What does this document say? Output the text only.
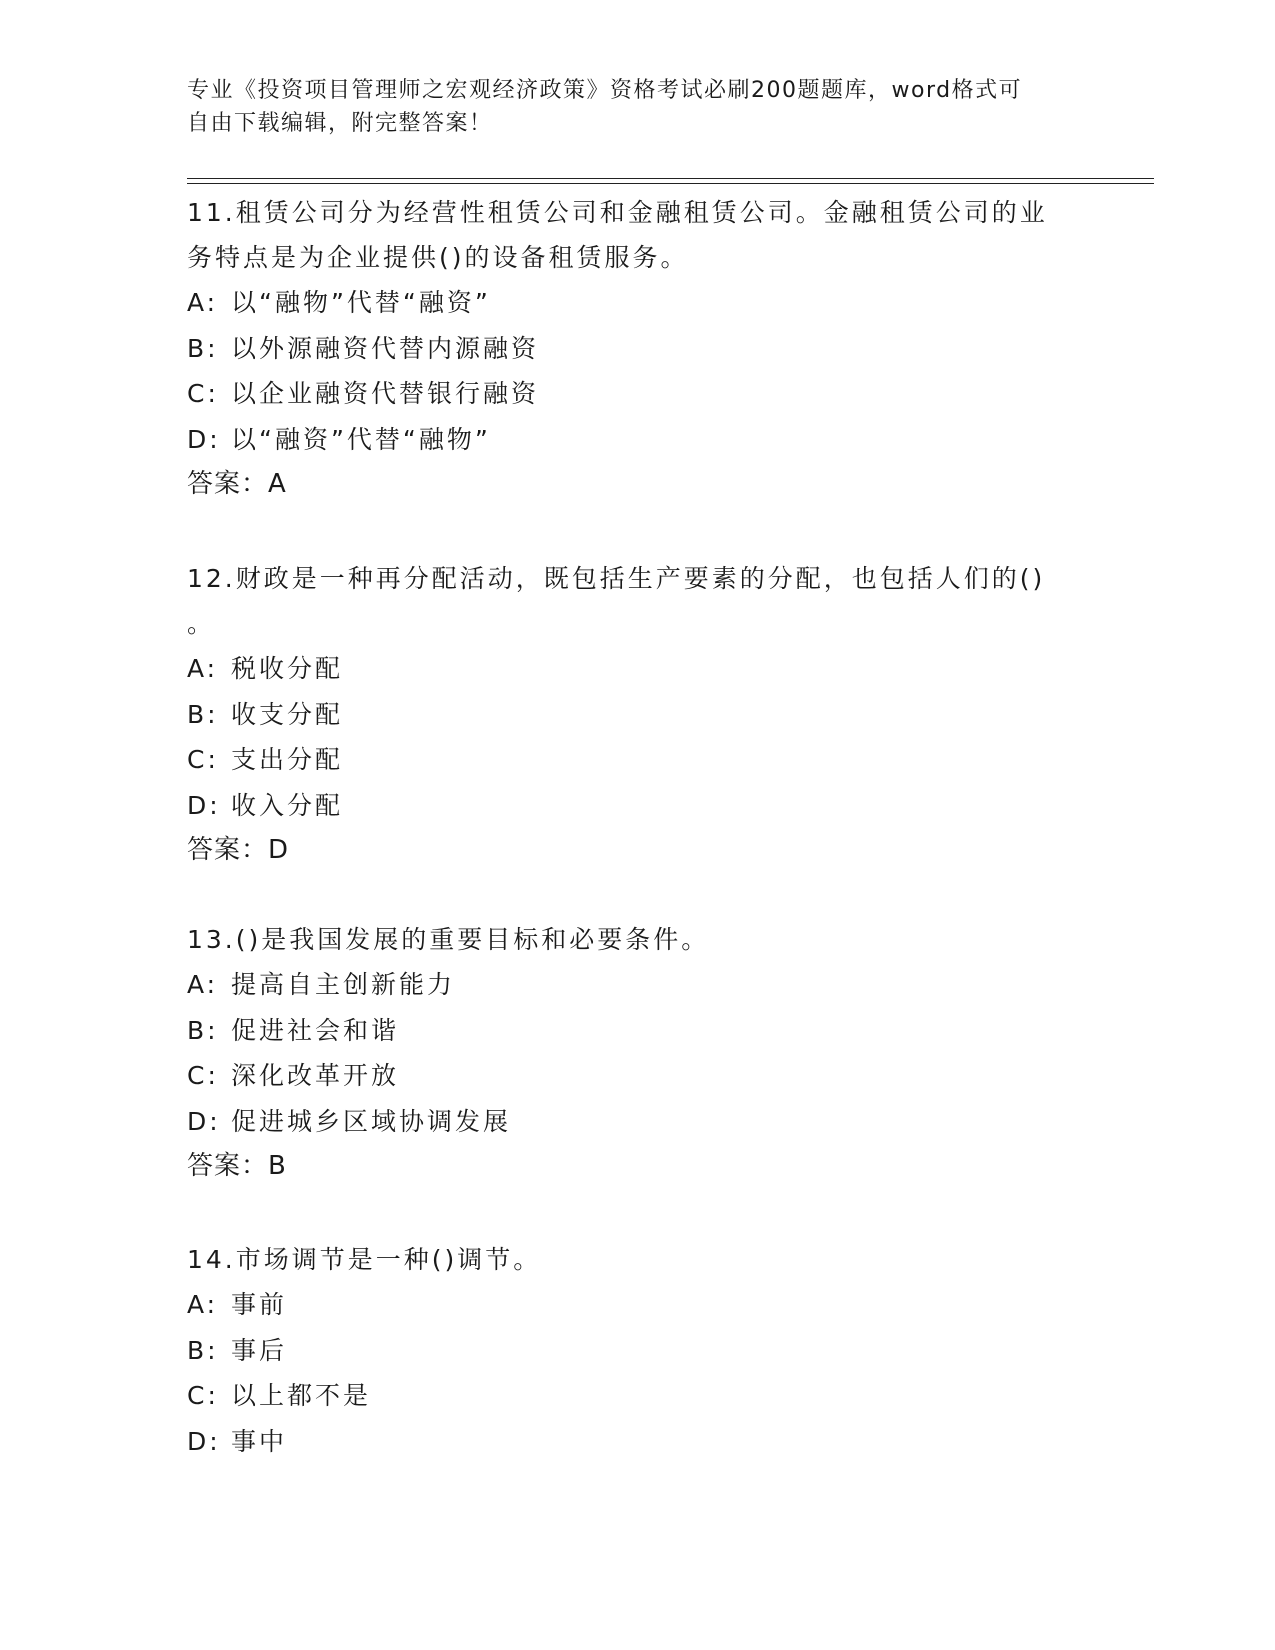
专业《投资项目管理师之宏观经济政策》资格考试必刷200题题库，word格式可
自由下载编辑，附完整答案！

11.租赁公司分为经营性租赁公司和金融租赁公司。金融租赁公司的业

务特点是为企业提供()的设备租赁服务。

A: 以“融物”代替“融资”

B: 以外源融资代替内源融资

C: 以企业融资代替银行融资

D: 以“融资”代替“融物”

答案：A

12.财政是一种再分配活动，既包括生产要素的分配，也包括人们的()

。

A: 税收分配

B: 收支分配

C: 支出分配

D: 收入分配

答案：D

13.()是我国发展的重要目标和必要条件。

A: 提高自主创新能力

B: 促进社会和谐

C: 深化改革开放

D: 促进城乡区域协调发展

答案：B

14.市场调节是一种()调节。

A: 事前

B: 事后

C: 以上都不是

D: 事中
